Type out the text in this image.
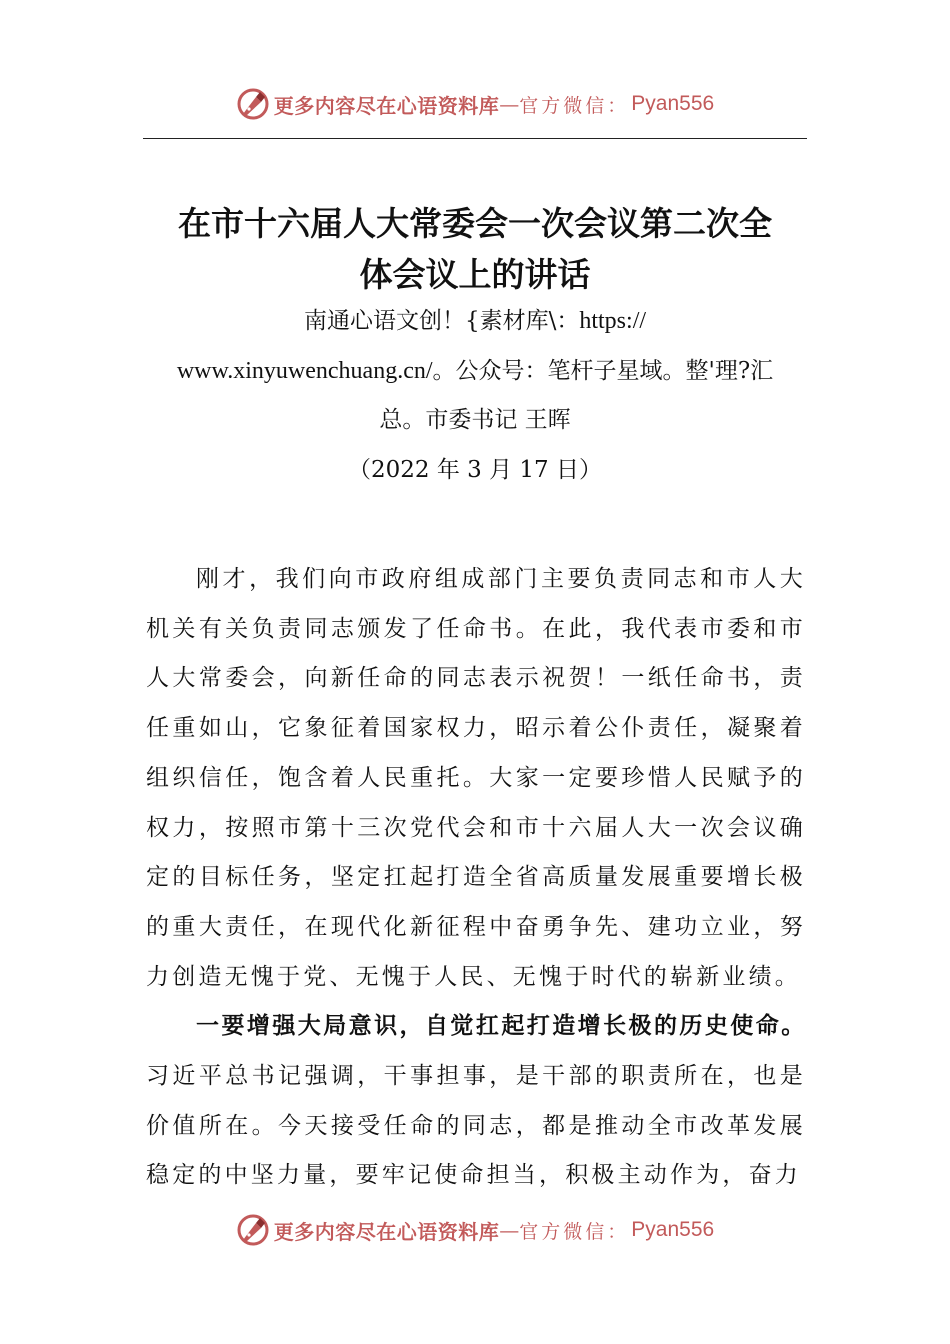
更多内容尽在心语资料库 — 官方微信： Pyan556
在市十六届人大常委会一次会议第二次全
体会议上的讲话
南通心语文创！{素材库\：https://
www.xinyuwenchuang.cn/。公众号：笔杆子星域。整'理?汇
总。市委书记 王晖
（2022 年 3 月 17 日）

刚才，我们向市政府组成部门主要负责同志和市人大机关有关负责同志颁发了任命书。在此，我代表市委和市人大常委会，向新任命的同志表示祝贺！一纸任命书，责任重如山，它象征着国家权力，昭示着公仆责任，凝聚着组织信任，饱含着人民重托。大家一定要珍惜人民赋予的权力，按照市第十三次党代会和市十六届人大一次会议确定的目标任务，坚定扛起打造全省高质量发展重要增长极的重大责任，在现代化新征程中奋勇争先、建功立业，努力创造无愧于党、无愧于人民、无愧于时代的崭新业绩。

一要增强大局意识，自觉扛起打造增长极的历史使命。习近平总书记强调，干事担事，是干部的职责所在，也是价值所在。今天接受任命的同志，都是推动全市改革发展稳定的中坚力量，要牢记使命担当，积极主动作为，奋力

更多内容尽在心语资料库 — 官方微信： Pyan556
